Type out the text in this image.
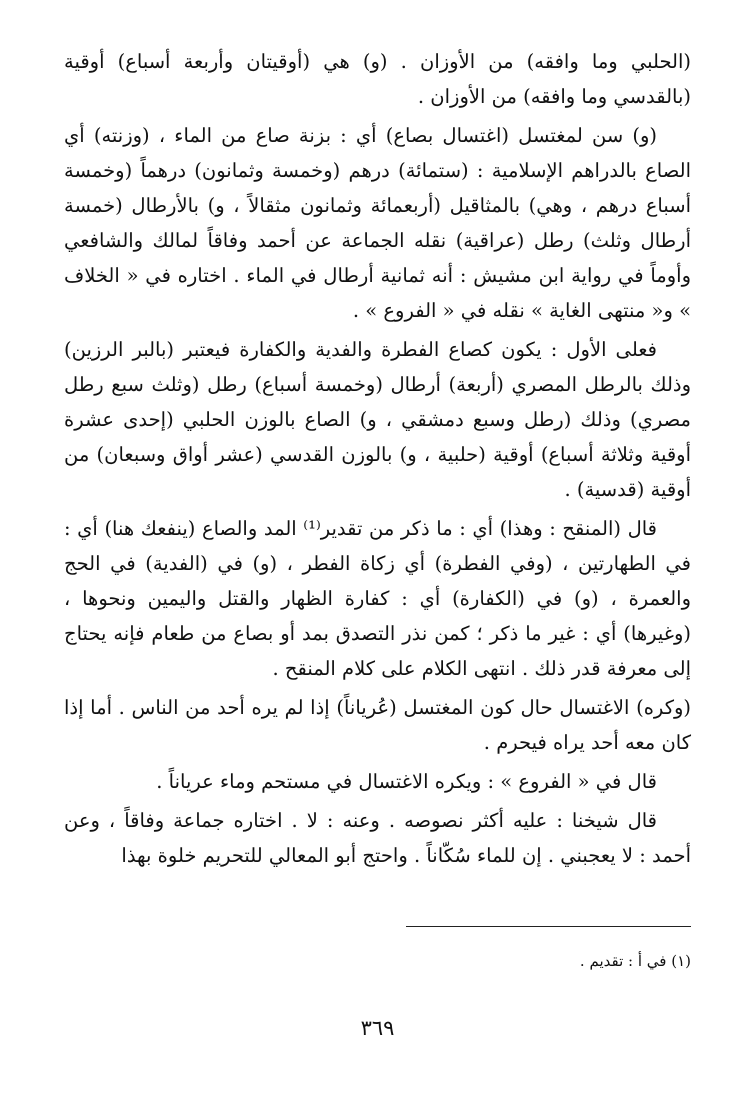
(الحلبي وما وافقه) من الأوزان . (و) هي (أوقيتان وأربعة أسباع) أوقية (بالقدسي وما وافقه) من الأوزان .

(و) سن لمغتسل (اغتسال بصاع) أي : بزنة صاع من الماء ، (وزنته) أي الصاع بالدراهم الإسلامية : (ستمائة) درهم (وخمسة وثمانون) درهماً (وخمسة أسباع درهم ، وهي) بالمثاقيل (أربعمائة وثمانون مثقالاً ، و) بالأرطال (خمسة أرطال وثلث) رطل (عراقية) نقله الجماعة عن أحمد وفاقاً لمالك والشافعي وأوماً في رواية ابن مشيش : أنه ثمانية أرطال في الماء . اختاره في « الخلاف » و« منتهى الغاية » نقله في « الفروع » .

فعلى الأول : يكون كصاع الفطرة والفدية والكفارة فيعتبر (بالبر الرزين) وذلك بالرطل المصري (أربعة) أرطال (وخمسة أسباع) رطل (وثلث سبع رطل مصري) وذلك (رطل وسبع دمشقي ، و) الصاع بالوزن الحلبي (إحدى عشرة أوقية وثلاثة أسباع) أوقية (حلبية ، و) بالوزن القدسي (عشر أواق وسبعان) من أوقية (قدسية) .

قال (المنقح : وهذا) أي : ما ذكر من تقدير⁽¹⁾ المد والصاع (ينفعك هنا) أي : في الطهارتين ، (وفي الفطرة) أي زكاة الفطر ، (و) في (الفدية) في الحج والعمرة ، (و) في (الكفارة) أي : كفارة الظهار والقتل واليمين ونحوها ، (وغيرها) أي : غير ما ذكر ؛ كمن نذر التصدق بمد أو بصاع من طعام فإنه يحتاج إلى معرفة قدر ذلك . انتهى الكلام على كلام المنقح .

(وكره) الاغتسال حال كون المغتسل (عُرياناً) إذا لم يره أحد من الناس . أما إذا كان معه أحد يراه فيحرم .

قال في « الفروع » : ويكره الاغتسال في مستحم وماء عرياناً .

قال شيخنا : عليه أكثر نصوصه . وعنه : لا . اختاره جماعة وفاقاً ، وعن أحمد : لا يعجبني . إن للماء سُكّاناً . واحتج أبو المعالي للتحريم خلوة بهذا

(١) في أ : تقديم .
٣٦٩
